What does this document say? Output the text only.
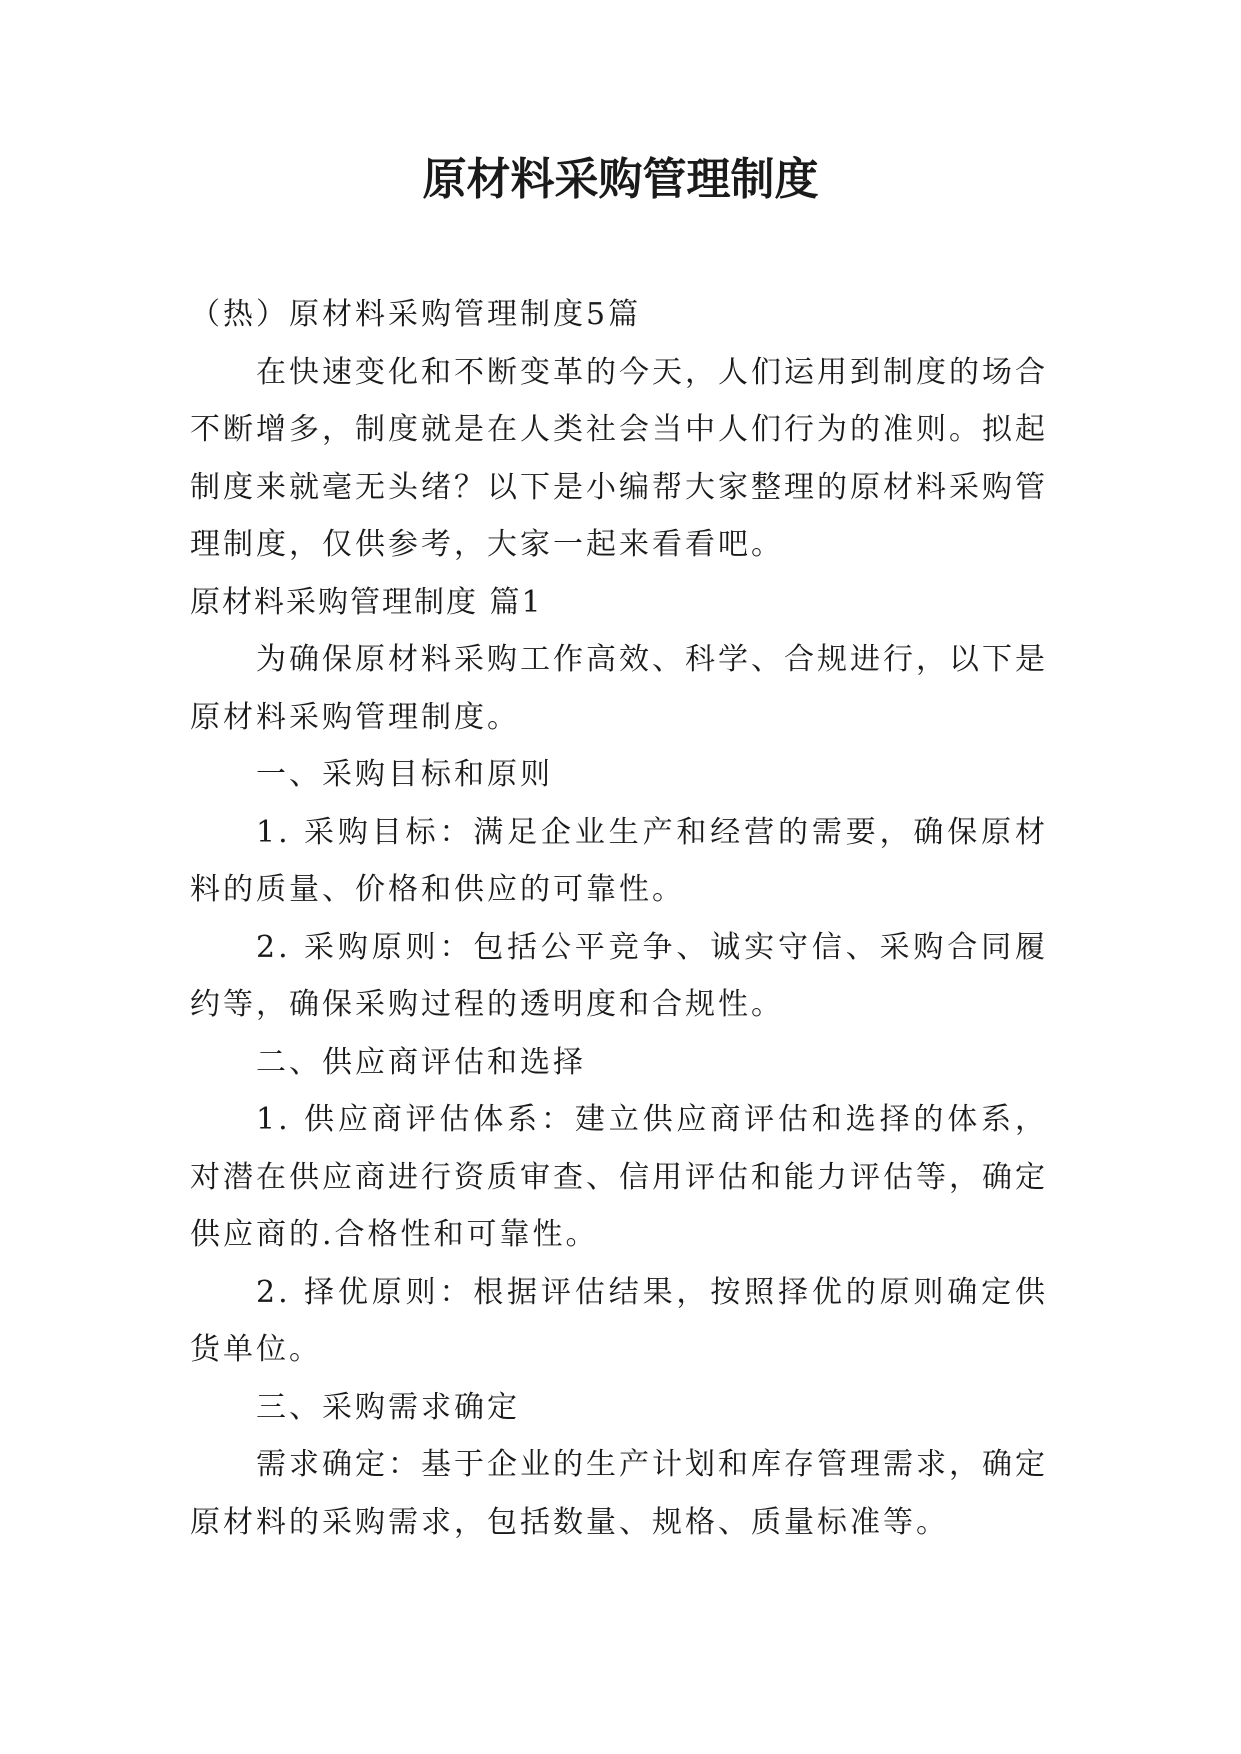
原材料采购管理制度

（热）原材料采购管理制度5篇

在快速变化和不断变革的今天，人们运用到制度的场合不断增多，制度就是在人类社会当中人们行为的准则。拟起制度来就毫无头绪？以下是小编帮大家整理的原材料采购管理制度，仅供参考，大家一起来看看吧。

原材料采购管理制度 篇1

为确保原材料采购工作高效、科学、合规进行，以下是原材料采购管理制度。

一、采购目标和原则

1. 采购目标：满足企业生产和经营的需要，确保原材料的质量、价格和供应的可靠性。

2. 采购原则：包括公平竞争、诚实守信、采购合同履约等，确保采购过程的透明度和合规性。

二、供应商评估和选择

1. 供应商评估体系：建立供应商评估和选择的体系，对潜在供应商进行资质审查、信用评估和能力评估等，确定供应商的.合格性和可靠性。

2. 择优原则：根据评估结果，按照择优的原则确定供货单位。

三、采购需求确定

需求确定：基于企业的生产计划和库存管理需求，确定原材料的采购需求，包括数量、规格、质量标准等。
